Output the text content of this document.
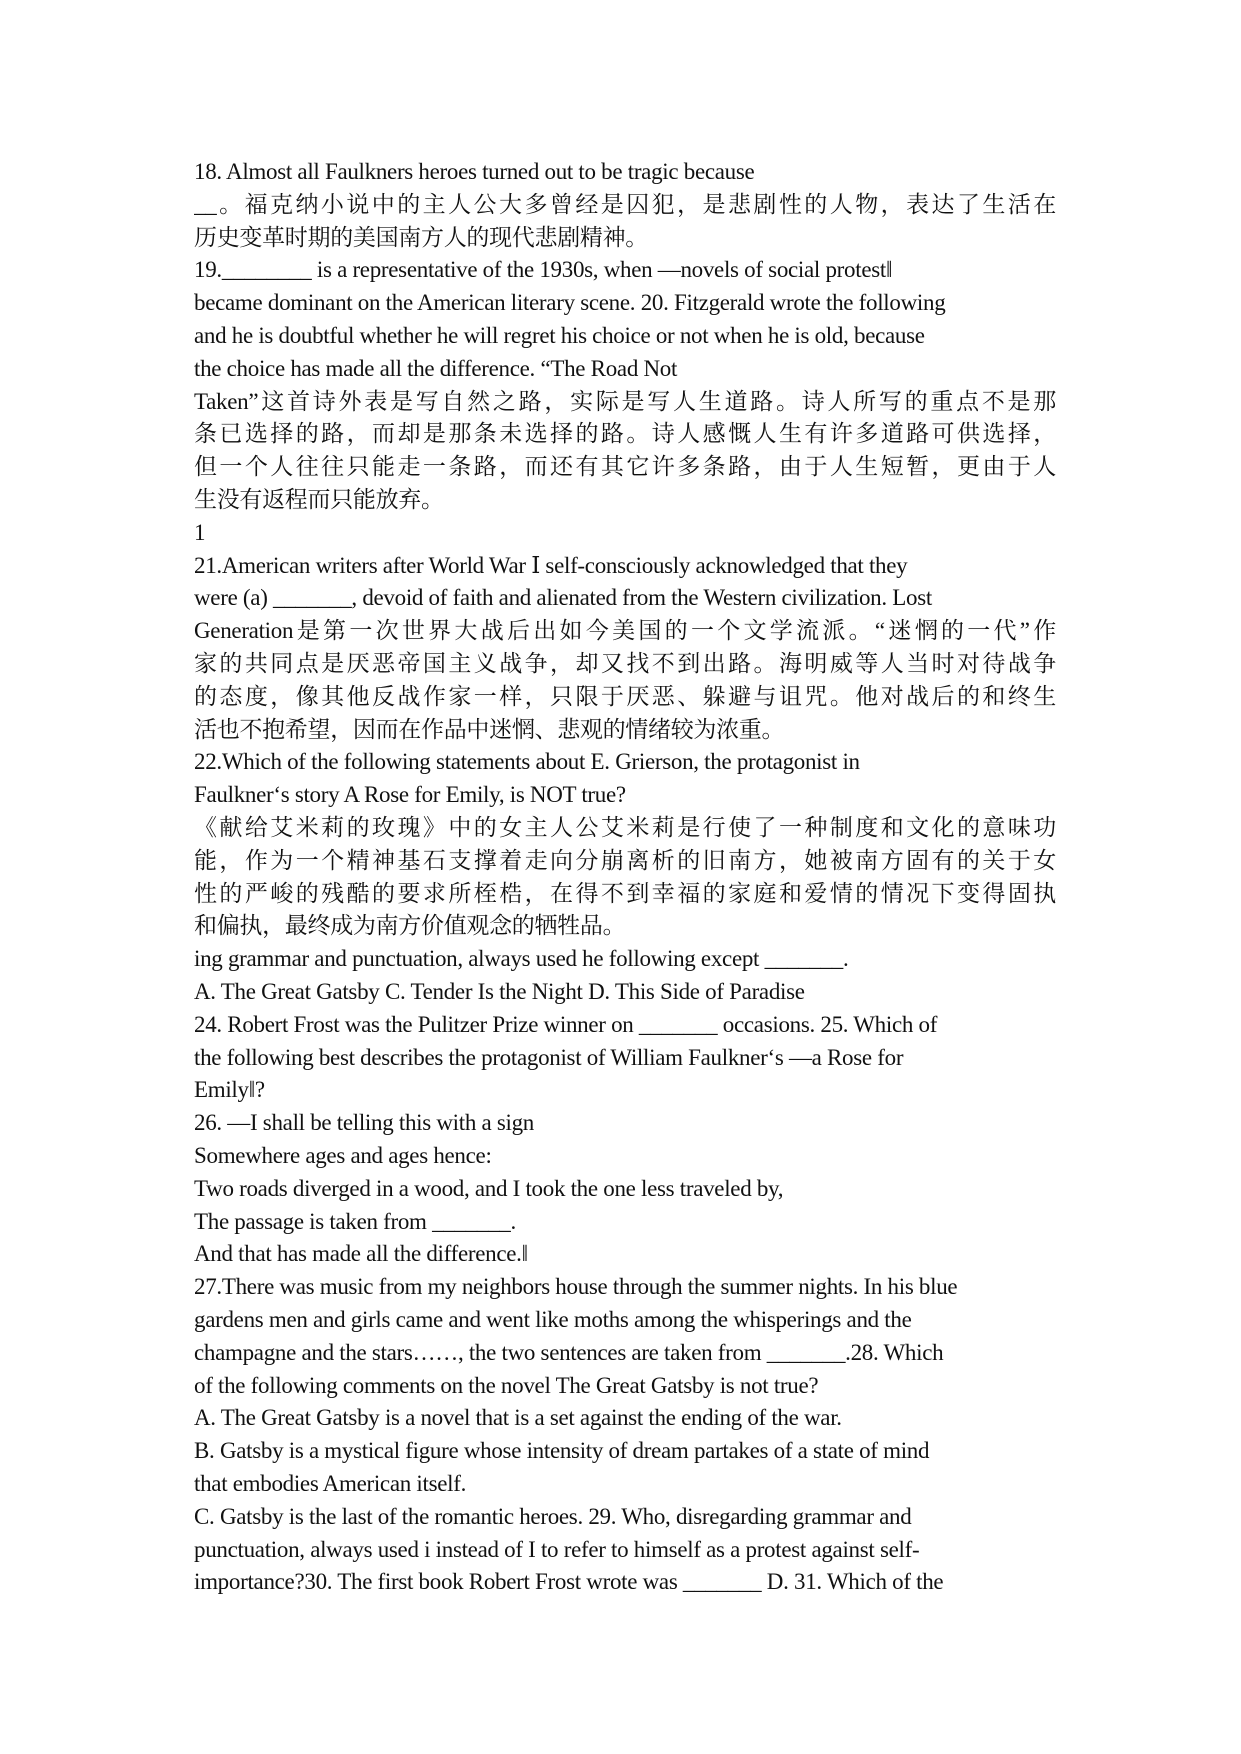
18. Almost all Faulkners heroes turned out to be tragic because
__。福克纳小说中的主人公大多曾经是囚犯，是悲剧性的人物，表达了生活在
历史变革时期的美国南方人的现代悲剧精神。
19.________ is a representative of the 1930s, when —novels of social protest‖
became dominant on the American literary scene. 20. Fitzgerald wrote the following
and he is doubtful whether he will regret his choice or not when he is old, because
the choice has made all the difference. “The Road Not
Taken”这首诗外表是写自然之路，实际是写人生道路。诗人所写的重点不是那
条已选择的路，而却是那条未选择的路。诗人感慨人生有许多道路可供选择，
但一个人往往只能走一条路，而还有其它许多条路，由于人生短暂，更由于人
生没有返程而只能放弃。
1
21.American writers after World War Ⅰ self-consciously acknowledged that they
were (a) _______, devoid of faith and alienated from the Western civilization. Lost
Generation是第一次世界大战后出如今美国的一个文学流派。“迷惘的一代”作
家的共同点是厌恶帝国主义战争，却又找不到出路。海明威等人当时对待战争
的态度，像其他反战作家一样，只限于厌恶、躲避与诅咒。他对战后的和终生
活也不抱希望，因而在作品中迷惘、悲观的情绪较为浓重。
22.Which of the following statements about E. Grierson, the protagonist in
Faulkner‘s story A Rose for Emily, is NOT true?
《献给艾米莉的玫瑰》中的女主人公艾米莉是行使了一种制度和文化的意味功
能，作为一个精神基石支撑着走向分崩离析的旧南方，她被南方固有的关于女
性的严峻的残酷的要求所桎梏，在得不到幸福的家庭和爱情的情况下变得固执
和偏执，最终成为南方价值观念的牺牲品。
ing grammar and punctuation, always used he following except _______.
A. The Great Gatsby C. Tender Is the Night D. This Side of Paradise
24. Robert Frost was the Pulitzer Prize winner on _______ occasions. 25. Which of
the following best describes the protagonist of William Faulkner‘s —a Rose for
Emily‖?
26. —I shall be telling this with a sign
Somewhere ages and ages hence:
Two roads diverged in a wood, and I took the one less traveled by,
The passage is taken from _______.
And that has made all the difference.‖
27.There was music from my neighbors house through the summer nights. In his blue
gardens men and girls came and went like moths among the whisperings and the
champagne and the stars……, the two sentences are taken from _______.28. Which
of the following comments on the novel The Great Gatsby is not true?
A. The Great Gatsby is a novel that is a set against the ending of the war.
B. Gatsby is a mystical figure whose intensity of dream partakes of a state of mind
that embodies American itself.
C. Gatsby is the last of the romantic heroes. 29. Who, disregarding grammar and
punctuation, always used i instead of I to refer to himself as a protest against self-
importance?30. The first book Robert Frost wrote was _______ D. 31. Which of the
